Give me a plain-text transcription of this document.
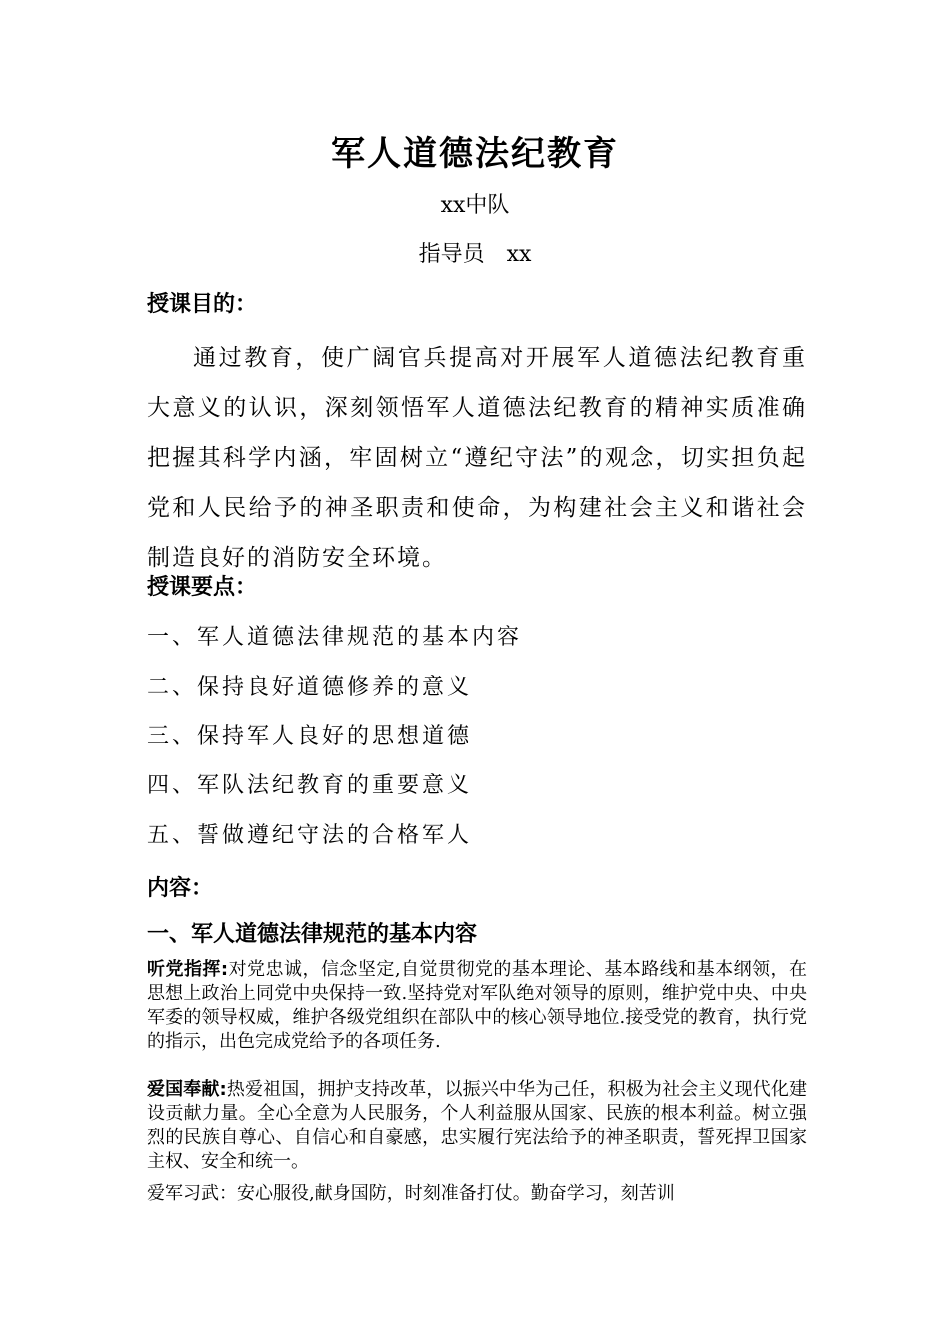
军人道德法纪教育
xx中队
指导员　xx
授课目的：
通过教育，使广阔官兵提高对开展军人道德法纪教育重大意义的认识，深刻领悟军人道德法纪教育的精神实质准确把握其科学内涵，牢固树立“遵纪守法”的观念，切实担负起党和人民给予的神圣职责和使命，为构建社会主义和谐社会制造良好的消防安全环境。
授课要点：
一、军人道德法律规范的基本内容
二、保持良好道德修养的意义
三、保持军人良好的思想道德
四、军队法纪教育的重要意义
五、誓做遵纪守法的合格军人
内容：
一、军人道德法律规范的基本内容
听党指挥:对党忠诚，信念坚定,自觉贯彻党的基本理论、基本路线和基本纲领，在思想上政治上同党中央保持一致.坚持党对军队绝对领导的原则，维护党中央、中央军委的领导权威，维护各级党组织在部队中的核心领导地位.接受党的教育，执行党的指示，出色完成党给予的各项任务.
爱国奉献:热爱祖国，拥护支持改革，以振兴中华为己任，积极为社会主义现代化建设贡献力量。全心全意为人民服务，个人利益服从国家、民族的根本利益。树立强烈的民族自尊心、自信心和自豪感，忠实履行宪法给予的神圣职责，誓死捍卫国家主权、安全和统一。
爱军习武：安心服役,献身国防，时刻准备打仗。勤奋学习，刻苦训
